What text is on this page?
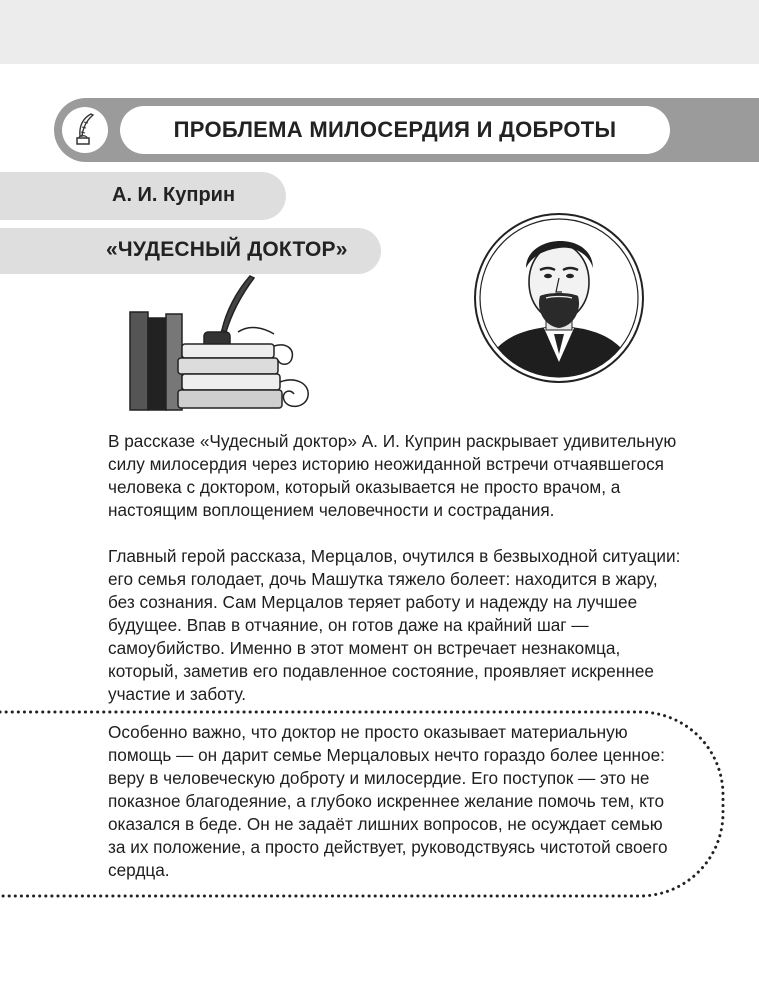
ПРОБЛЕМА МИЛОСЕРДИЯ И ДОБРОТЫ
А. И. Куприн
«ЧУДЕСНЫЙ ДОКТОР»

В рассказе «Чудесный доктор» А. И. Куприн раскрывает удивительную силу милосердия через историю неожиданной встречи отчаявшегося человека с доктором, который оказывается не просто врачом, а настоящим воплощением человечности и сострадания.

Главный герой рассказа, Мерцалов, очутился в безвыходной ситуации: его семья голодает, дочь Машутка тяжело болеет: находится в жару, без сознания. Сам Мерцалов теряет работу и надежду на лучшее будущее. Впав в отчаяние, он готов даже на крайний шаг — самоубийство. Именно в этот момент он встречает незнакомца, который, заметив его подавленное состояние, проявляет искреннее участие и заботу.

Особенно важно, что доктор не просто оказывает материальную помощь — он дарит семье Мерцаловых нечто гораздо более ценное: веру в человеческую доброту и милосердие. Его поступок — это не показное благодеяние, а глубоко искреннее желание помочь тем, кто оказался в беде. Он не задаёт лишних вопросов, не осуждает семью за их положение, а просто действует, руководствуясь чистотой своего сердца.
